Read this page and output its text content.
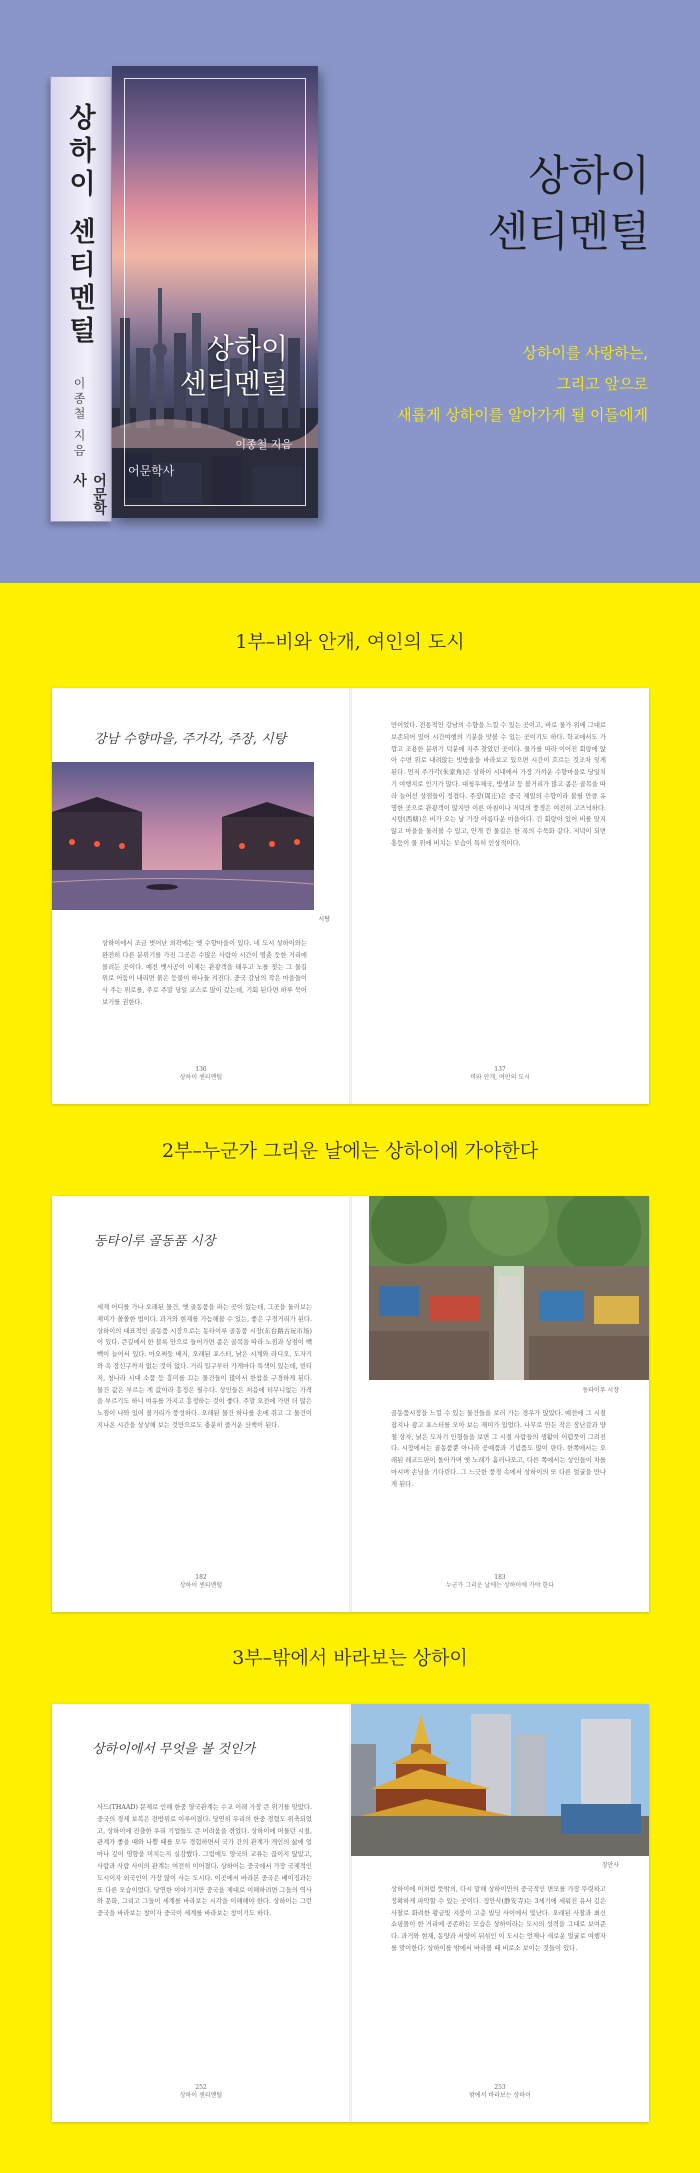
상하이 센티멘털
이종철 지음
어문학사
상하이
센티멘털
이종철 지음
어문학사
상하이
센티멘털
상하이를 사랑하는,
그리고 앞으로
새롭게 상하이를 알아가게 될 이들에게
1부–비와 안개, 여인의 도시
강남 수향마을, 주가각, 주장, 시탕
시탕
상하이에서 조금 벗어난 외곽에는 옛 수향마을이 있다. 네 도시 상하이와는 완전히 다른 분위기를 가진 그곳은 수많은 사람이 시간이 멈춘 듯한 거리에 몰려든 곳이다. 예전 뱃사공이 이제는 관광객을 태우고 노를 젓는 그 물길 위로 어둠이 내리면 붉은 등불이 하나둘 켜진다. 중국 강남의 작은 마을들이 사 주는 위로를, 주로 주말 당일 코스로 많이 갔는데, 기회 된다면 하루 묵어 보기를 권한다.
136
상하이 센티멘털
만이었다. 전통적인 강남의 수향을 느낄 수 있는 곳이고, 바로 물가 위에 그대로 보존되어 있어 시간여행의 기분을 맛볼 수 있는 곳이기도 하다. 학교에서도 가깝고 조용한 분위기 덕분에 자주 찾았던 곳이다. 물가를 따라 이어진 회랑에 앉아 수면 위로 내려앉는 빗방울을 바라보고 있으면 시간이 흐르는 것조차 잊게 된다. 먼저 주가각(朱家角)은 상하이 시내에서 가장 가까운 수향마을로 당일치기 여행지로 인기가 많다. 대청우체국, 방생교 등 볼거리가 많고 좁은 골목을 따라 늘어선 상점들이 정겹다. 주장(周庄)은 중국 제일의 수향이라 불릴 만큼 유명한 곳으로 관광객이 많지만 이른 아침이나 저녁의 풍경은 여전히 고즈넉하다. 시탕(西塘)은 비가 오는 날 가장 아름다운 마을이다. 긴 회랑이 있어 비를 맞지 않고 마을을 둘러볼 수 있고, 안개 낀 물길은 한 폭의 수묵화 같다. 저녁이 되면 홍등이 물 위에 비치는 모습이 특히 인상적이다.
137
비와 안개, 여인의 도시
2부–누군가 그리운 날에는 상하이에 가야한다
동타이루 골동품 시장
세계 어디를 가나 오래된 물건, 옛 골동품을 파는 곳이 있는데, 그곳을 둘러보는 재미가 쏠쏠한 법이다. 과거와 현재를 가늠해볼 수 있는, 좋은 구경거리가 된다. 상하이의 대표적인 골동품 시장으로는 동타이루 골동품 시장(东台路古玩市场)이 있다. 큰길에서 한 블록 안으로 들어가면 좁은 골목을 따라 노점과 상점이 빽빽이 늘어서 있다. 마오쩌둥 배지, 오래된 포스터, 낡은 시계와 라디오, 도자기와 옥 장신구까지 없는 것이 없다. 거리 입구부터 가게마다 특색이 있는데, 빈티지, 청나라 시대 소품 등 흥미를 끄는 물건들이 많아서 한참을 구경하게 된다. 물건 값은 부르는 게 값이라 흥정은 필수다. 상인들은 처음에 터무니없는 가격을 부르기도 하니 여유를 가지고 흥정하는 것이 좋다. 주말 오전에 가면 더 많은 노점이 나와 있어 볼거리가 풍성하다. 오래된 물건 하나를 손에 쥐고 그 물건이 지나온 시간을 상상해 보는 것만으로도 충분히 즐거운 산책이 된다.
182
상하이 센티멘털
동타이루 시장
골동품시장을 느낄 수 있는 물건들을 보러 가는 경우가 많았다. 예전에 그 시절 잡지나 광고 포스터를 모아 보는 재미가 있었다. 나무로 만든 작은 장난감과 양철 상자, 낡은 도자기 인형들을 보면 그 시절 사람들의 생활이 어렴풋이 그려진다. 시장에서는 골동품뿐 아니라 공예품과 기념품도 많이 판다. 한쪽에서는 오래된 레코드판이 돌아가며 옛 노래가 흘러나오고, 다른 쪽에서는 상인들이 차를 마시며 손님을 기다린다. 그 느긋한 풍경 속에서 상하이의 또 다른 얼굴을 만나게 된다.
183
누군가 그리운 날에는 상하이에 가야 한다
3부–밖에서 바라보는 상하이
상하이에서 무엇을 볼 것인가
사드(THAAD) 문제로 인해 한중 양국관계는 수교 이래 가장 큰 위기를 맞았다. 중국의 경제 보복은 전방위로 이루어졌다. 당연히 우리의 한중 경협도 위축되었고, 상하이에 진출한 우리 기업들도 큰 어려움을 겪었다. 상하이에 머물던 시절, 관계가 좋을 때와 나쁠 때를 모두 경험하면서 국가 간의 관계가 개인의 삶에 얼마나 깊이 영향을 미치는지 실감했다. 그럼에도 양국의 교류는 끊이지 않았고, 사람과 사람 사이의 관계는 여전히 이어졌다. 상하이는 중국에서 가장 국제적인 도시이자 외국인이 가장 많이 사는 도시다. 이곳에서 바라본 중국은 베이징과는 또 다른 모습이었다. 당연한 이야기지만 중국을 제대로 이해하려면 그들의 역사와 문화, 그리고 그들이 세계를 바라보는 시각을 이해해야 한다. 상하이는 그런 중국을 바라보는 창이자 중국이 세계를 바라보는 창이기도 하다.
252
상하이 센티멘털
징안사
상하이에 이처럼 뜻밖의, 다시 말해 상하이만의 중국적인 면모를 가장 뚜렷하고 정확하게 파악할 수 있는 곳이다. 징안사(静安寺)는 3세기에 세워진 유서 깊은 사찰로 화려한 황금빛 지붕이 고층 빌딩 사이에서 빛난다. 오래된 사찰과 최신 쇼핑몰이 한 거리에 공존하는 모습은 상하이라는 도시의 성격을 그대로 보여준다. 과거와 현재, 동양과 서양이 뒤섞인 이 도시는 언제나 새로운 얼굴로 여행자를 맞이한다. 상하이를 밖에서 바라볼 때 비로소 보이는 것들이 있다.
253
밖에서 바라보는 상하이
